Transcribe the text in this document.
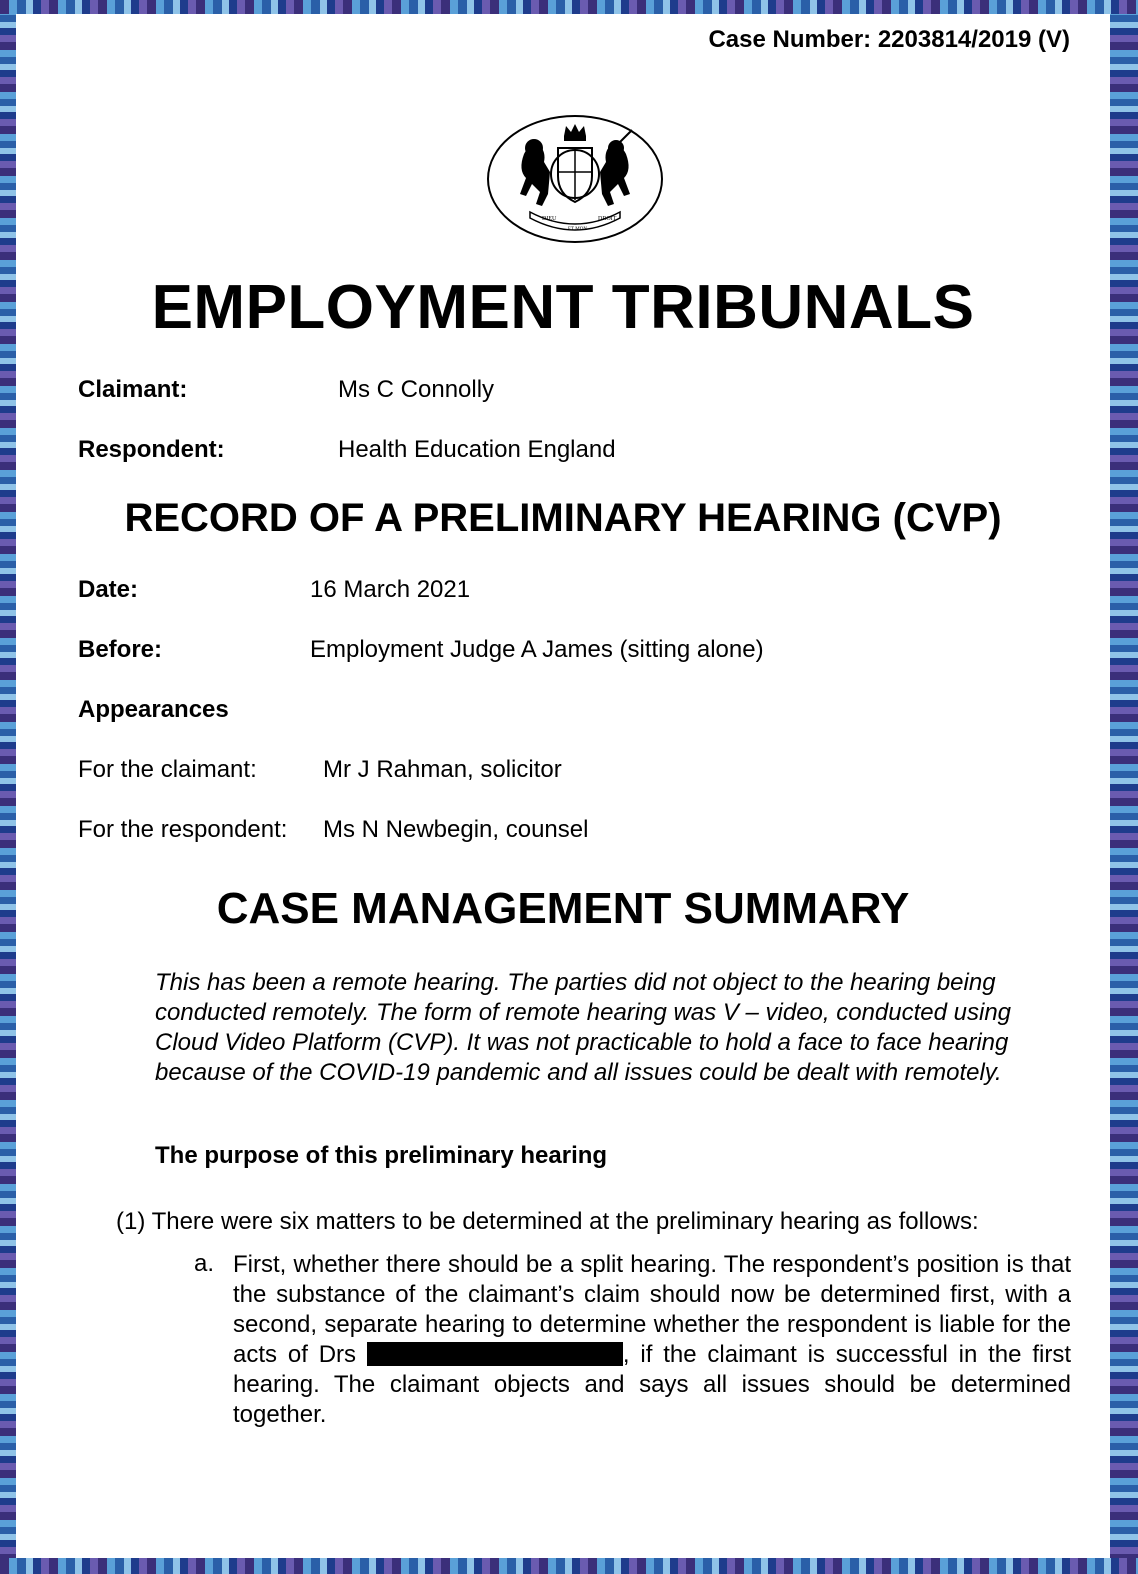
Case Number: 2203814/2019 (V)
DIEU	DROIT
ET MON
EMPLOYMENT TRIBUNALS
Claimant:	Ms C Connolly
Respondent:	Health Education England
RECORD OF A PRELIMINARY HEARING (CVP)
Date:	16 March 2021
Before:	Employment Judge A James (sitting alone)
Appearances
For the claimant:	Mr J Rahman, solicitor
For the respondent: Ms N Newbegin, counsel
CASE MANAGEMENT SUMMARY
This has been a remote hearing. The parties did not object to the hearing being conducted remotely. The form of remote hearing was V – video, conducted using Cloud Video Platform (CVP). It was not practicable to hold a face to face hearing because of the COVID-19 pandemic and all issues could be dealt with remotely.
The purpose of this preliminary hearing
(1) There were six matters to be determined at the preliminary hearing as follows:
a. First, whether there should be a split hearing. The respondent’s position is that the substance of the claimant’s claim should now be determined first, with a second, separate hearing to determine whether the respondent is liable for the acts of Drs	, if the claimant is successful in the first hearing. The claimant objects and says all issues should be determined together.
